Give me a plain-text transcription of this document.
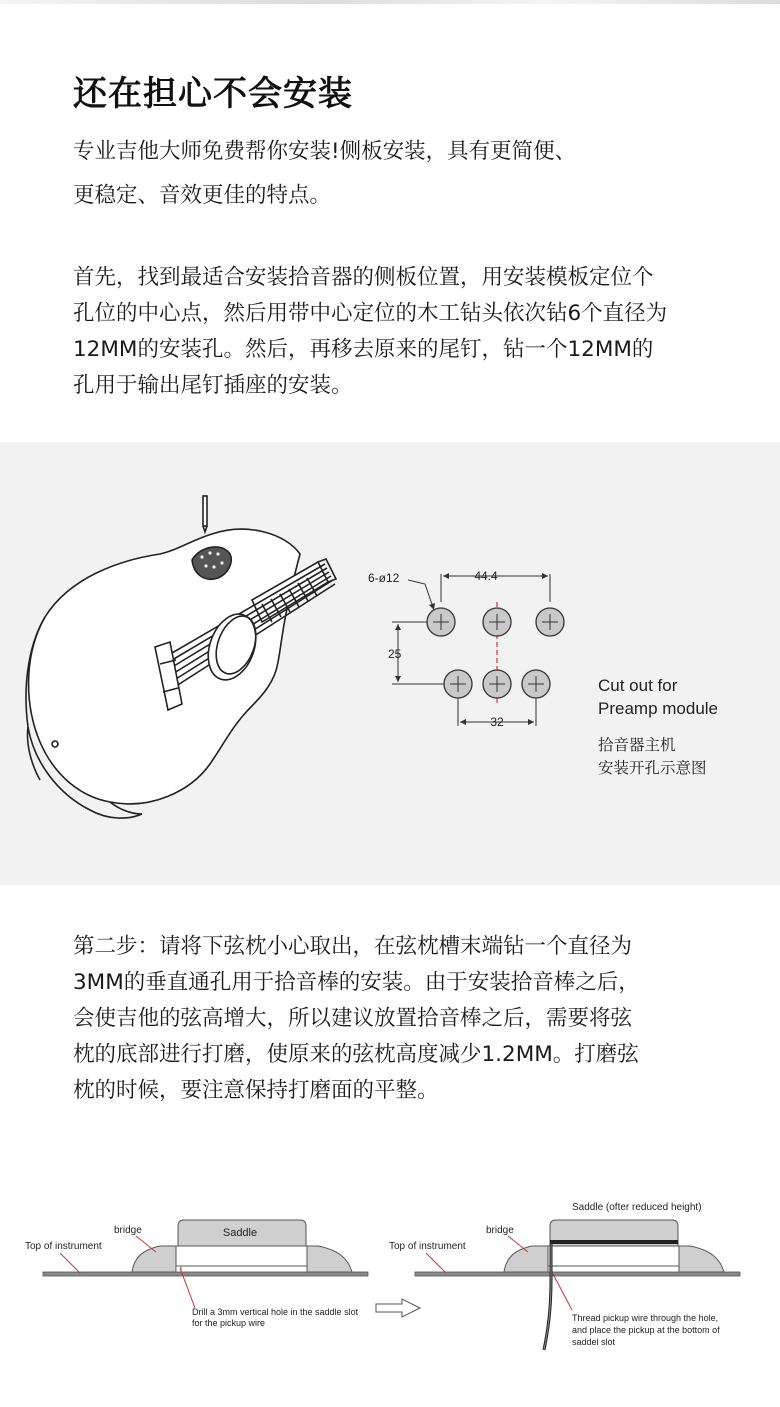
还在担心不会安装
专业吉他大师免费帮你安装!侧板安装，具有更简便、
更稳定、音效更佳的特点。
首先，找到最适合安装拾音器的侧板位置，用安装模板定位个
孔位的中心点，然后用带中心定位的木工钻头依次钻6个直径为
12MM的安装孔。然后，再移去原来的尾钉，钻一个12MM的
孔用于输出尾钉插座的安装。
44.4
6-ø12
25
32
Cut out for
Preamp module
拾音器主机
安装开孔示意图
第二步：请将下弦枕小心取出，在弦枕槽末端钻一个直径为
3MM的垂直通孔用于拾音棒的安装。由于安装拾音棒之后，
会使吉他的弦高增大，所以建议放置拾音棒之后，需要将弦
枕的底部进行打磨，使原来的弦枕高度减少1.2MM。打磨弦
枕的时候，要注意保持打磨面的平整。
Saddle
bridge
Top of instrument
Drill a 3mm vertical hole in the saddle slot
for the pickup wire
Saddle (ofter reduced height)
bridge
Top of instrument
Thread pickup wire through the hole,
and place the pickup at the bottom of
saddel slot
